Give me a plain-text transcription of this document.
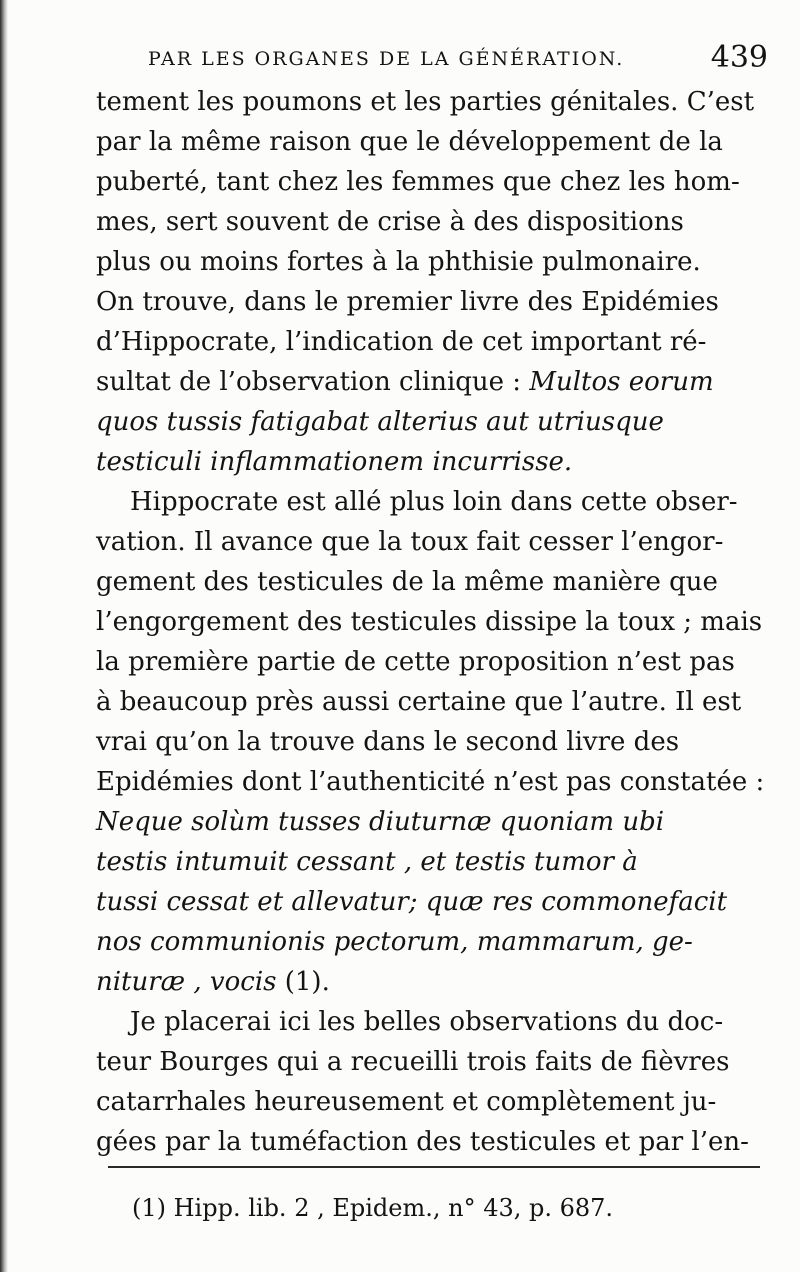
PAR LES ORGANES DE LA GÉNÉRATION.	439
tement les poumons et les parties génitales. C’est
par la même raison que le développement de la
puberté, tant chez les femmes que chez les hom-
mes, sert souvent de crise à des dispositions
plus ou moins fortes à la phthisie pulmonaire.
On trouve, dans le premier livre des Epidémies
d’Hippocrate, l’indication de cet important ré-
sultat de l’observation clinique : Multos eorum
quos tussis fatigabat alterius aut utriusque
testiculi inflammationem incurrisse.
Hippocrate est allé plus loin dans cette obser-
vation. Il avance que la toux fait cesser l’engor-
gement des testicules de la même manière que
l’engorgement des testicules dissipe la toux ; mais
la première partie de cette proposition n’est pas
à beaucoup près aussi certaine que l’autre. Il est
vrai qu’on la trouve dans le second livre des
Epidémies dont l’authenticité n’est pas constatée :
Neque solùm tusses diuturnæ quoniam ubi
testis intumuit cessant , et testis tumor à
tussi cessat et allevatur; quæ res commonefacit
nos communionis pectorum, mammarum, ge-
nituræ , vocis (1).
Je placerai ici les belles observations du doc-
teur Bourges qui a recueilli trois faits de fièvres
catarrhales heureusement et complètement ju-
gées par la tuméfaction des testicules et par l’en-
(1) Hipp. lib. 2 , Epidem., n° 43, p. 687.
